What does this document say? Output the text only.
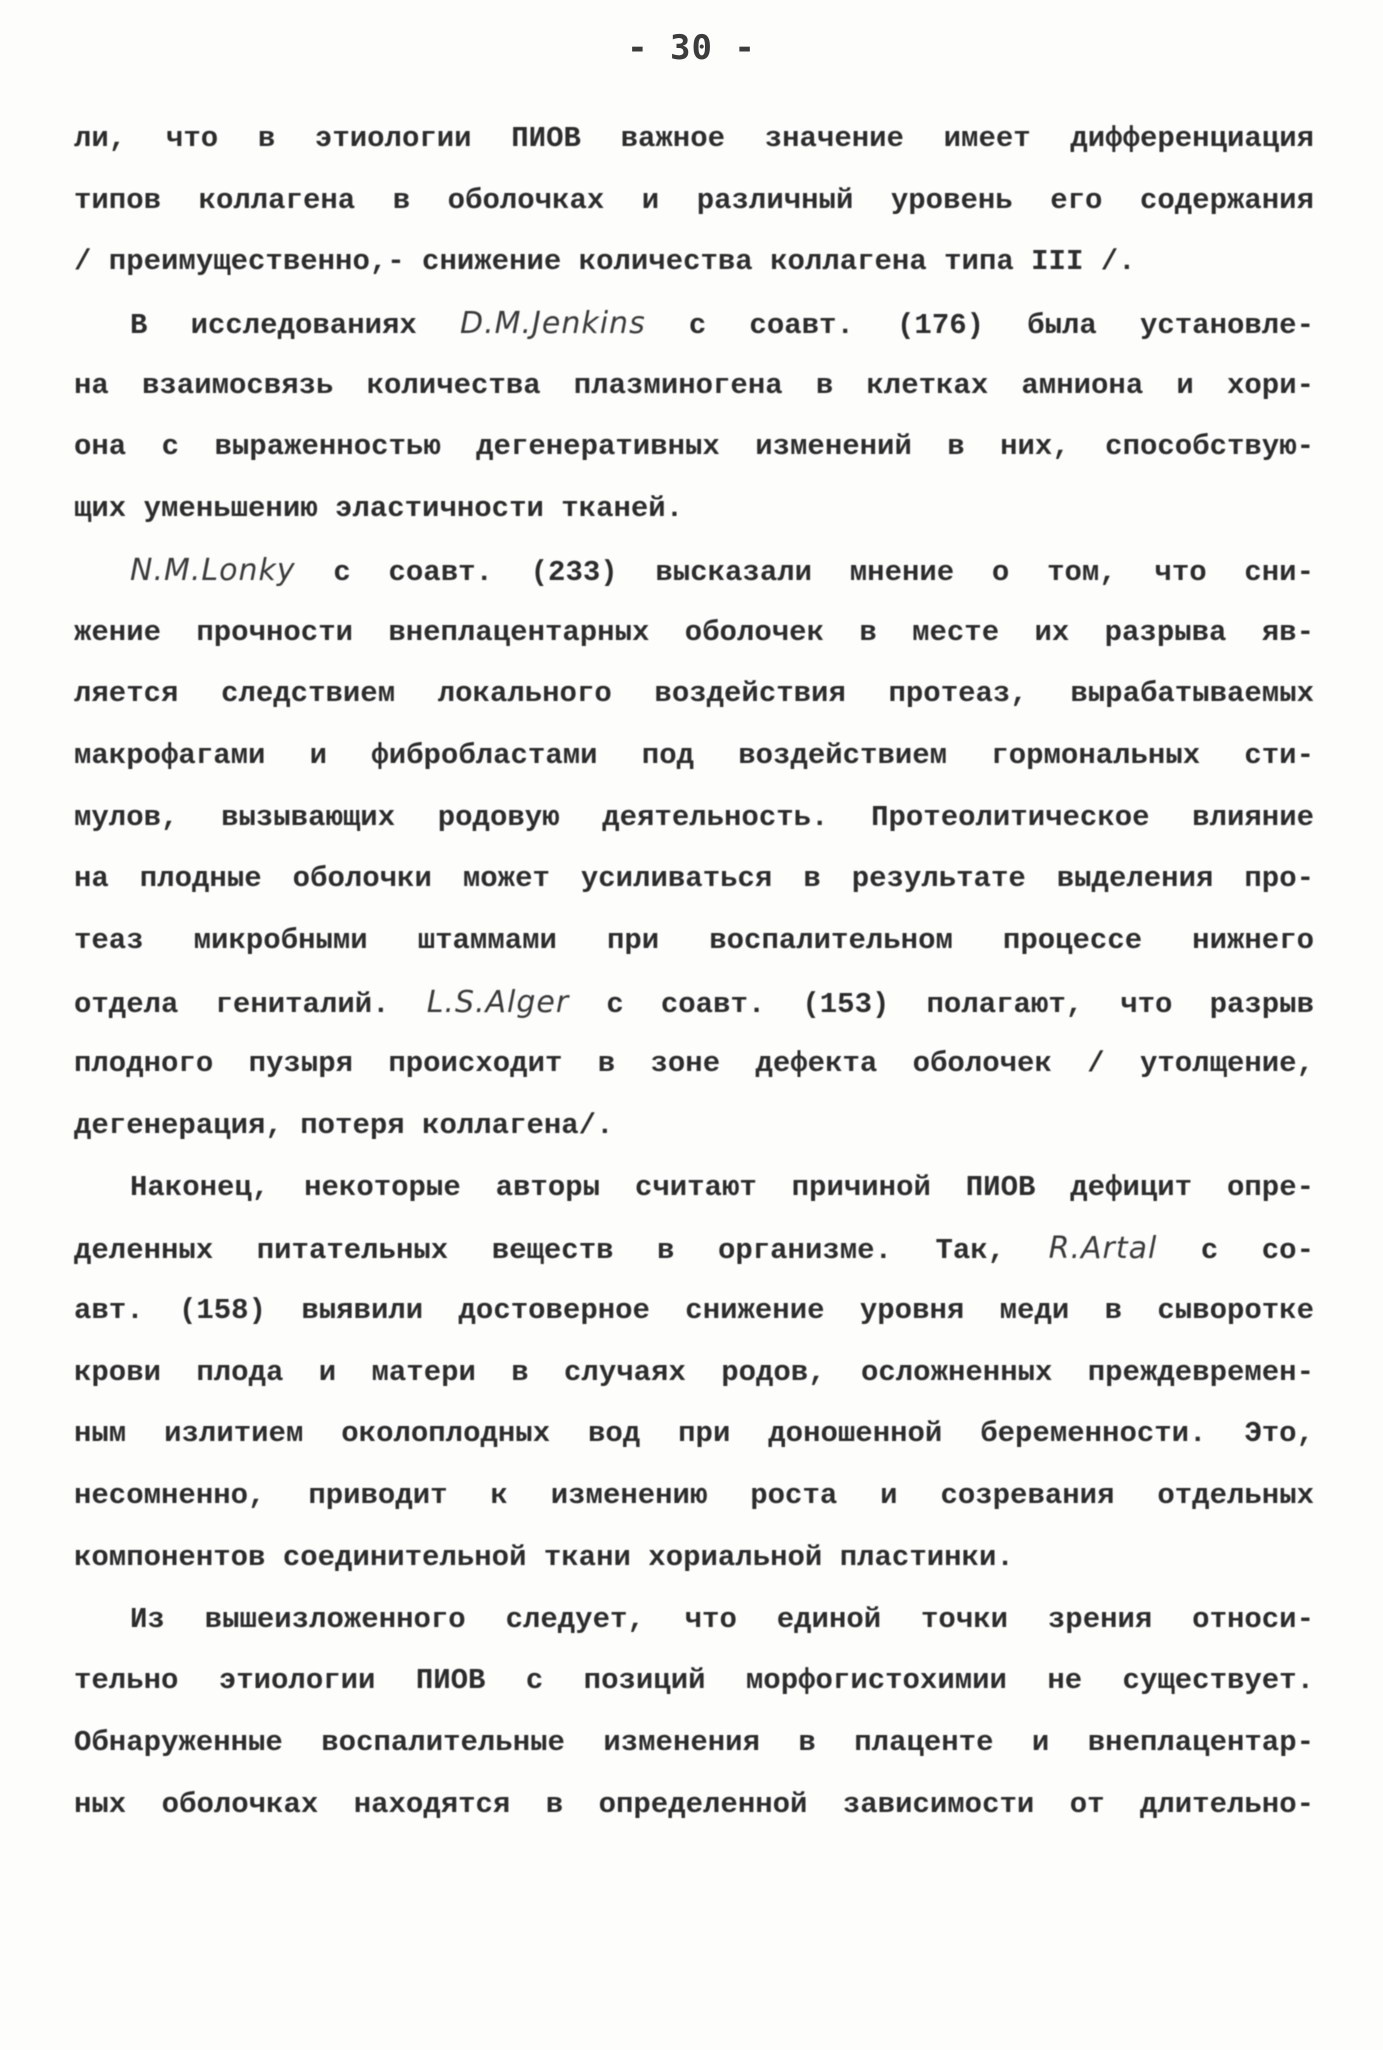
- 30 -
ли, что в этиологии ПИОВ важное значение имеет дифференциация
типов коллагена в оболочках и различный уровень его содержания
/ преимущественно,- снижение количества коллагена типа III /.
В исследованиях D.M.Jenkins с соавт. (176) была установле-
на взаимосвязь количества плазминогена в клетках амниона и хори-
она с выраженностью дегенеративных изменений в них, способствую-
щих уменьшению эластичности тканей.
N.M.Lonky с соавт. (233) высказали мнение о том, что сни-
жение прочности внеплацентарных оболочек в месте их разрыва яв-
ляется следствием локального воздействия протеаз, вырабатываемых
макрофагами и фибробластами под воздействием гормональных сти-
мулов, вызывающих родовую деятельность. Протеолитическое влияние
на плодные оболочки может усиливаться в результате выделения про-
теаз микробными штаммами при воспалительном процессе нижнего
отдела гениталий. L.S.Alger с соавт. (153) полагают, что разрыв
плодного пузыря происходит в зоне дефекта оболочек / утолщение,
дегенерация, потеря коллагена/.
Наконец, некоторые авторы считают причиной ПИОВ дефицит опре-
деленных питательных веществ в организме. Так, R.Artal с со-
авт. (158) выявили достоверное снижение уровня меди в сыворотке
крови плода и матери в случаях родов, осложненных преждевремен-
ным излитием околоплодных вод при доношенной беременности. Это,
несомненно, приводит к изменению роста и созревания отдельных
компонентов соединительной ткани хориальной пластинки.
Из вышеизложенного следует, что единой точки зрения относи-
тельно этиологии ПИОВ с позиций морфогистохимии не существует.
Обнаруженные воспалительные изменения в плаценте и внеплацентар-
ных оболочках находятся в определенной зависимости от длительно-
